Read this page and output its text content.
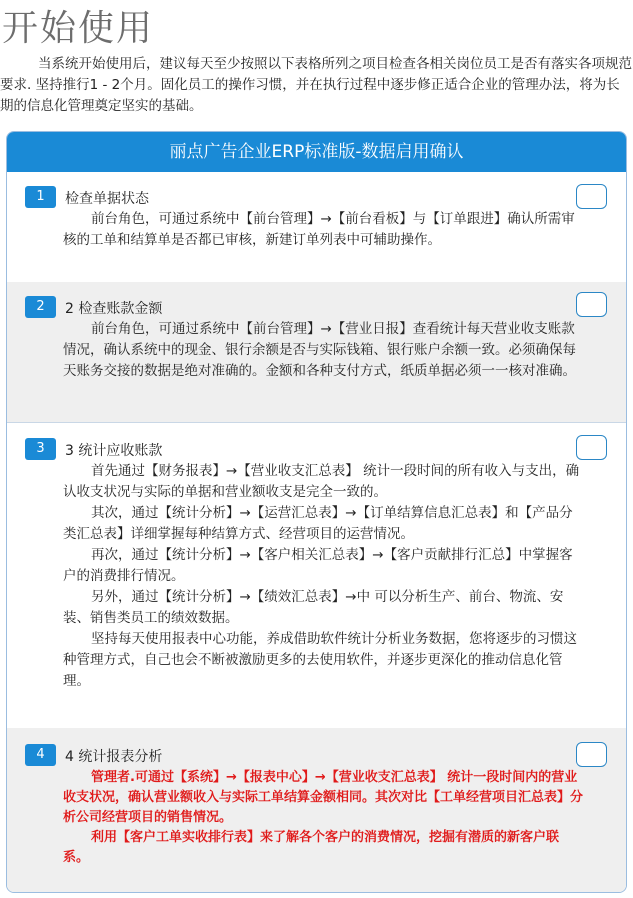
开始使用

当系统开始使用后，建议每天至少按照以下表格所列之项目检查各相关岗位员工是否有落实各项规范要求. 坚持推行1 - 2个月。固化员工的操作习惯，并在执行过程中逐步修正适合企业的管理办法，将为长期的信息化管理奠定坚实的基础。

丽点广告企业ERP标准版-数据启用确认
1	检查单据状态

前台角色，可通过系统中【前台管理】→【前台看板】与【订单跟进】确认所需审核的工单和结算单是否都已审核，新建订单列表中可辅助操作。

2	2 检查账款金额

前台角色，可通过系统中【前台管理】→【营业日报】查看统计每天营业收支账款情况，确认系统中的现金、银行余额是否与实际钱箱、银行账户余额一致。必须确保每天账务交接的数据是绝对准确的。金额和各种支付方式，纸质单据必须一一核对准确。

3	3 统计应收账款

首先通过【财务报表】→【营业收支汇总表】 统计一段时间的所有收入与支出，确认收支状况与实际的单据和营业额收支是完全一致的。

其次，通过【统计分析】→【运营汇总表】→【订单结算信息汇总表】和【产品分类汇总表】详细掌握每种结算方式、经营项目的运营情况。

再次，通过【统计分析】→【客户相关汇总表】→【客户贡献排行汇总】中掌握客户的消费排行情况。

另外，通过【统计分析】→【绩效汇总表】→中 可以分析生产、前台、物流、安装、销售类员工的绩效数据。

坚持每天使用报表中心功能，养成借助软件统计分析业务数据，您将逐步的习惯这种管理方式，自己也会不断被激励更多的去使用软件，并逐步更深化的推动信息化管理。

4	4 统计报表分析

管理者.可通过【系统】→【报表中心】→【营业收支汇总表】 统计一段时间内的营业收支状况，确认营业额收入与实际工单结算金额相同。其次对比【工单经营项目汇总表】分析公司经营项目的销售情况。

利用【客户工单实收排行表】来了解各个客户的消费情况，挖掘有潜质的新客户联系。
